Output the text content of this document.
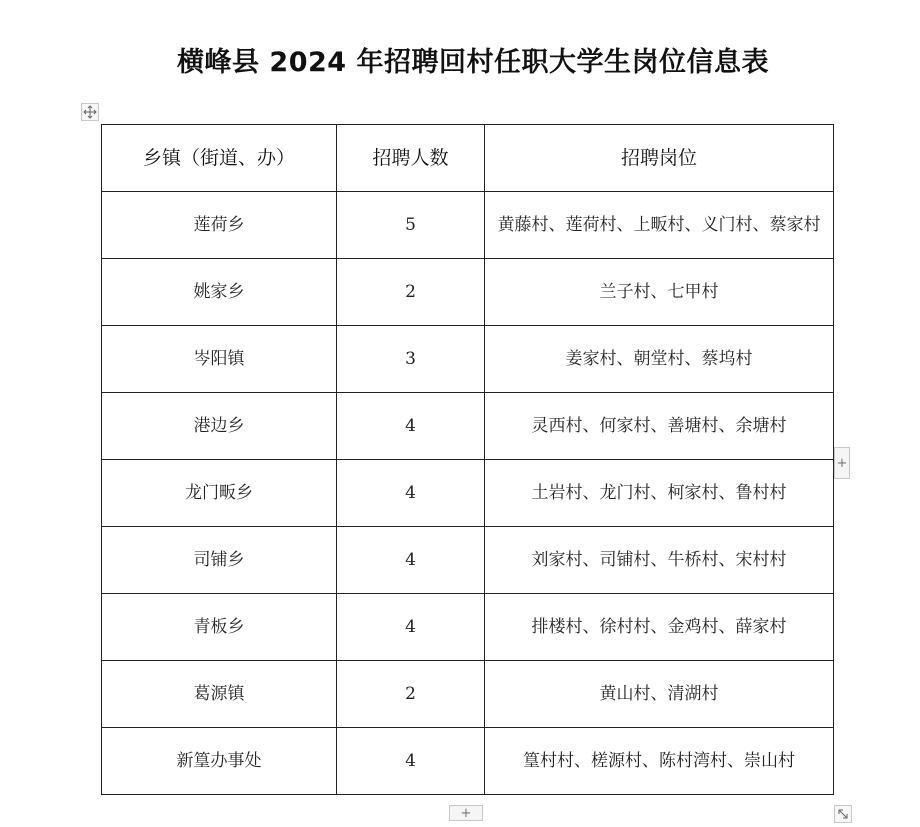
横峰县 2024 年招聘回村任职大学生岗位信息表
乡镇（街道、办）	招聘人数	招聘岗位
莲荷乡	5	黄藤村、莲荷村、上畈村、义门村、蔡家村
姚家乡	2	兰子村、七甲村
岑阳镇	3	姜家村、朝堂村、蔡坞村
港边乡	4	灵西村、何家村、善塘村、余塘村
龙门畈乡	4	土岩村、龙门村、柯家村、鲁村村
司铺乡	4	刘家村、司铺村、牛桥村、宋村村
青板乡	4	排楼村、徐村村、金鸡村、薛家村
葛源镇	2	黄山村、清湖村
新篁办事处	4	篁村村、槎源村、陈村湾村、崇山村
+
+
